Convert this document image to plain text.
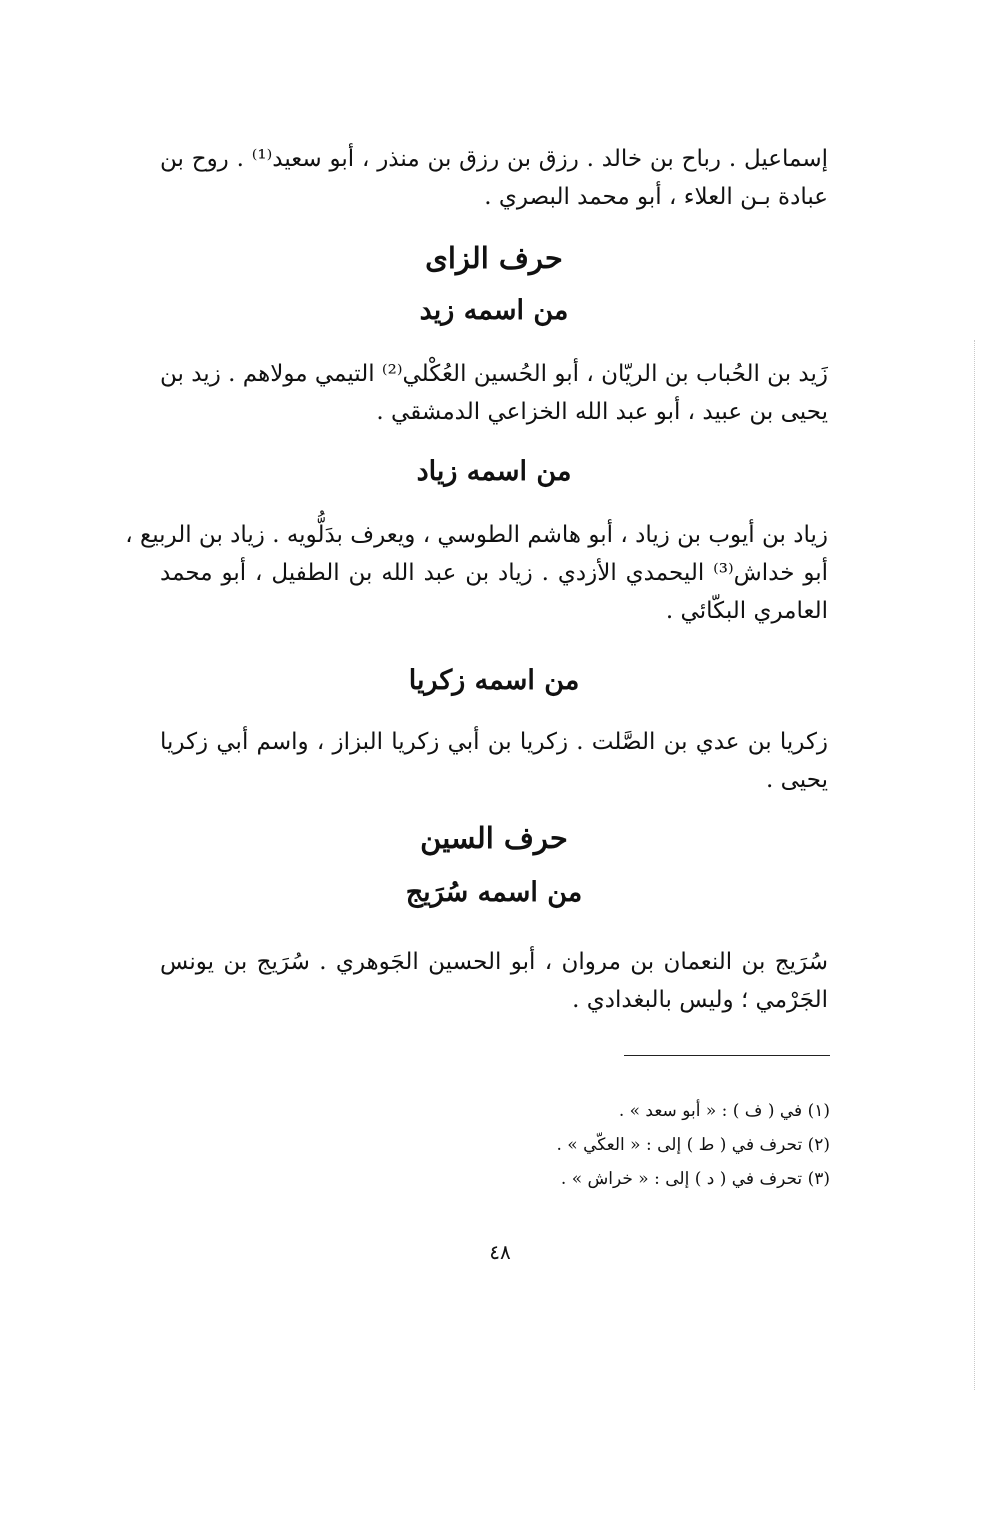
إسماعيل . رباح بن خالد . رزق بن رزق بن منذر ، أبو سعيد⁽¹⁾ . روح بن
عبادة بـن العلاء ، أبو محمد البصري .
حرف الزاى
من اسمه زيد
زَيد بن الحُباب بن الريّان ، أبو الحُسين العُكْلي⁽²⁾ التيمي مولاهم . زيد بن
يحيى بن عبيد ، أبو عبد الله الخزاعي الدمشقي .
من اسمه زياد
زياد بن أيوب بن زياد ، أبو هاشم الطوسي ، ويعرف بدَلُّويه . زياد بن الربيع ،
أبو خداش⁽³⁾ اليحمدي الأزدي . زياد بن عبد الله بن الطفيل ، أبو محمد
العامري البكّائي .
من اسمه زكريا
زكريا بن عدي بن الصَّلت . زكريا بن أبي زكريا البزاز ، واسم أبي زكريا
يحيى .
حرف السين
من اسمه سُرَيج
سُرَيج بن النعمان بن مروان ، أبو الحسين الجَوهري . سُرَيج بن يونس
الجَرْمي ؛ وليس بالبغدادي .
(١) في ( ف ) : « أبو سعد » .
(٢) تحرف في ( ط ) إلى : « العكّي » .
(٣) تحرف في ( د ) إلى : « خراش » .
٤٨
